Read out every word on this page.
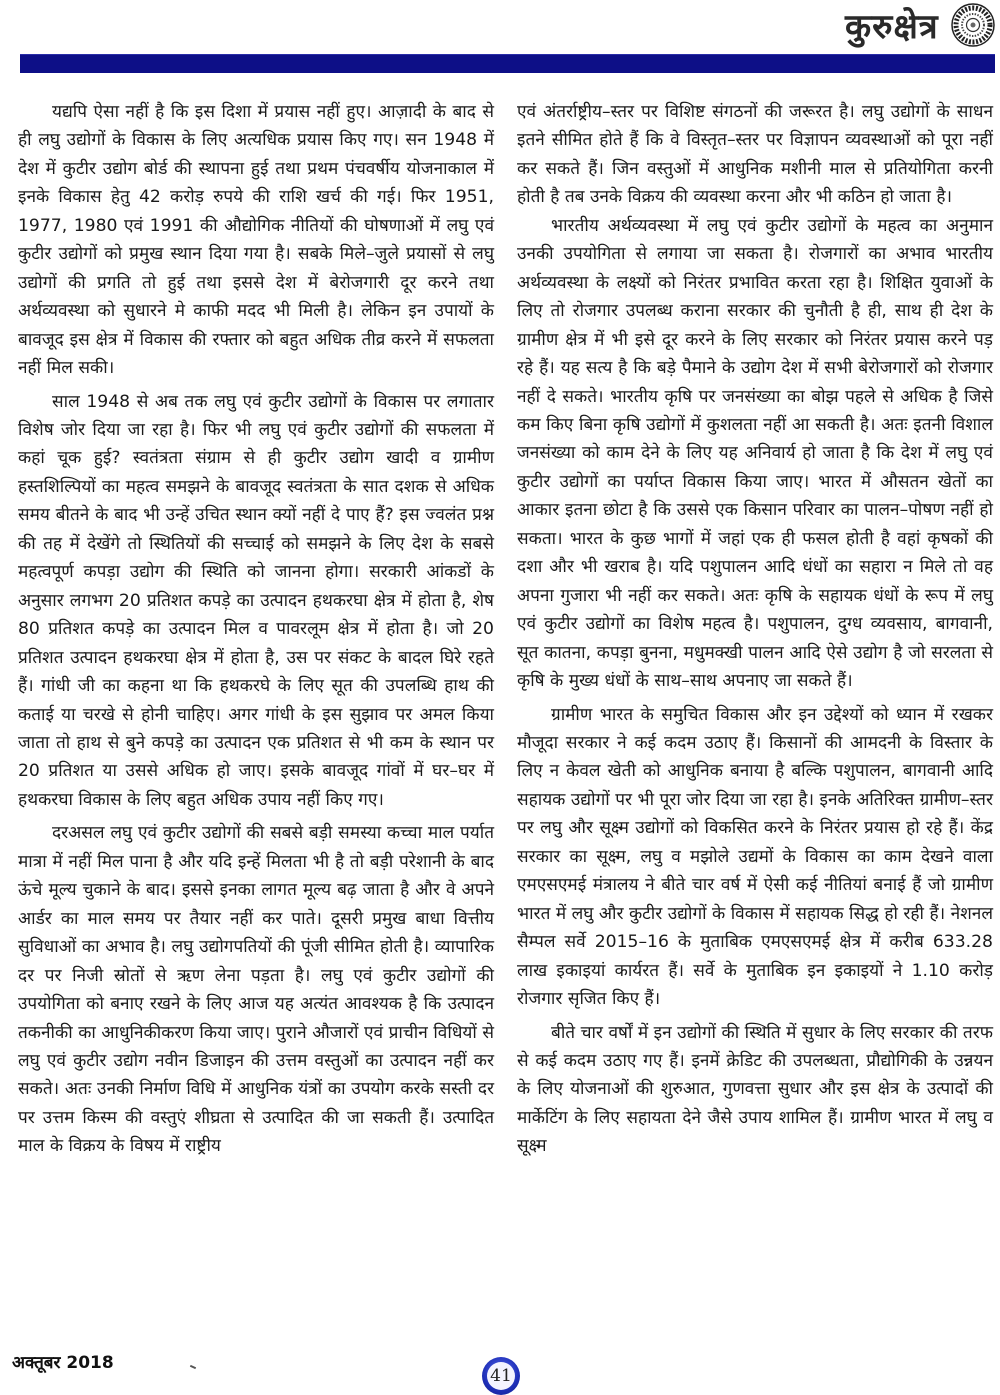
कुरुक्षेत्र

यद्यपि ऐसा नहीं है कि इस दिशा में प्रयास नहीं हुए। आज़ादी के बाद से ही लघु उद्योगों के विकास के लिए अत्यधिक प्रयास किए गए। सन 1948 में देश में कुटीर उद्योग बोर्ड की स्थापना हुई तथा प्रथम पंचवर्षीय योजनाकाल में इनके विकास हेतु 42 करोड़ रुपये की राशि खर्च की गई। फिर 1951, 1977, 1980 एवं 1991 की औद्योगिक नीतियों की घोषणाओं में लघु एवं कुटीर उद्योगों को प्रमुख स्थान दिया गया है। सबके मिले–जुले प्रयासों से लघु उद्योगों की प्रगति तो हुई तथा इससे देश में बेरोजगारी दूर करने तथा अर्थव्यवस्था को सुधारने मे काफी मदद भी मिली है। लेकिन इन उपायों के बावजूद इस क्षेत्र में विकास की रफ्तार को बहुत अधिक तीव्र करने में सफलता नहीं मिल सकी।

साल 1948 से अब तक लघु एवं कुटीर उद्योगों के विकास पर लगातार विशेष जोर दिया जा रहा है। फिर भी लघु एवं कुटीर उद्योगों की सफलता में कहां चूक हुई? स्वतंत्रता संग्राम से ही कुटीर उद्योग खादी व ग्रामीण हस्तशिल्पियों का महत्व समझने के बावजूद स्वतंत्रता के सात दशक से अधिक समय बीतने के बाद भी उन्हें उचित स्थान क्यों नहीं दे पाए हैं? इस ज्वलंत प्रश्न की तह में देखेंगे तो स्थितियों की सच्चाई को समझने के लिए देश के सबसे महत्वपूर्ण कपड़ा उद्योग की स्थिति को जानना होगा। सरकारी आंकडों के अनुसार लगभग 20 प्रतिशत कपड़े का उत्पादन हथकरघा क्षेत्र में होता है, शेष 80 प्रतिशत कपड़े का उत्पादन मिल व पावरलूम क्षेत्र में होता है। जो 20 प्रतिशत उत्पादन हथकरघा क्षेत्र में होता है, उस पर संकट के बादल घिरे रहते हैं। गांधी जी का कहना था कि हथकरघे के लिए सूत की उपलब्धि हाथ की कताई या चरखे से होनी चाहिए। अगर गांधी के इस सुझाव पर अमल किया जाता तो हाथ से बुने कपड़े का उत्पादन एक प्रतिशत से भी कम के स्थान पर 20 प्रतिशत या उससे अधिक हो जाए। इसके बावजूद गांवों में घर–घर में हथकरघा विकास के लिए बहुत अधिक उपाय नहीं किए गए।

दरअसल लघु एवं कुटीर उद्योगों की सबसे बड़ी समस्या कच्चा माल पर्यात मात्रा में नहीं मिल पाना है और यदि इन्हें मिलता भी है तो बड़ी परेशानी के बाद ऊंचे मूल्य चुकाने के बाद। इससे इनका लागत मूल्य बढ़ जाता है और वे अपने आर्डर का माल समय पर तैयार नहीं कर पाते। दूसरी प्रमुख बाधा वित्तीय सुविधाओं का अभाव है। लघु उद्योगपतियों की पूंजी सीमित होती है। व्यापारिक दर पर निजी स्रोतों से ऋण लेना पड़ता है। लघु एवं कुटीर उद्योगों की उपयोगिता को बनाए रखने के लिए आज यह अत्यंत आवश्यक है कि उत्पादन तकनीकी का आधुनिकीकरण किया जाए। पुराने औजारों एवं प्राचीन विधियों से लघु एवं कुटीर उद्योग नवीन डिजाइन की उत्तम वस्तुओं का उत्पादन नहीं कर सकते। अतः उनकी निर्माण विधि में आधुनिक यंत्रों का उपयोग करके सस्ती दर पर उत्तम किस्म की वस्तुएं शीघ्रता से उत्पादित की जा सकती हैं। उत्पादित माल के विक्रय के विषय में राष्ट्रीय

एवं अंतर्राष्ट्रीय–स्तर पर विशिष्ट संगठनों की जरूरत है। लघु उद्योगों के साधन इतने सीमित होते हैं कि वे विस्तृत–स्तर पर विज्ञापन व्यवस्थाओं को पूरा नहीं कर सकते हैं। जिन वस्तुओं में आधुनिक मशीनी माल से प्रतियोगिता करनी होती है तब उनके विक्रय की व्यवस्था करना और भी कठिन हो जाता है।

भारतीय अर्थव्यवस्था में लघु एवं कुटीर उद्योगों के महत्व का अनुमान उनकी उपयोगिता से लगाया जा सकता है। रोजगारों का अभाव भारतीय अर्थव्यवस्था के लक्ष्यों को निरंतर प्रभावित करता रहा है। शिक्षित युवाओं के लिए तो रोजगार उपलब्ध कराना सरकार की चुनौती है ही, साथ ही देश के ग्रामीण क्षेत्र में भी इसे दूर करने के लिए सरकार को निरंतर प्रयास करने पड़ रहे हैं। यह सत्य है कि बड़े पैमाने के उद्योग देश में सभी बेरोजगारों को रोजगार नहीं दे सकते। भारतीय कृषि पर जनसंख्या का बोझ पहले से अधिक है जिसे कम किए बिना कृषि उद्योगों में कुशलता नहीं आ सकती है। अतः इतनी विशाल जनसंख्या को काम देने के लिए यह अनिवार्य हो जाता है कि देश में लघु एवं कुटीर उद्योगों का पर्याप्त विकास किया जाए। भारत में औसतन खेतों का आकार इतना छोटा है कि उससे एक किसान परिवार का पालन–पोषण नहीं हो सकता। भारत के कुछ भागों में जहां एक ही फसल होती है वहां कृषकों की दशा और भी खराब है। यदि पशुपालन आदि धंधों का सहारा न मिले तो वह अपना गुजारा भी नहीं कर सकते। अतः कृषि के सहायक धंधों के रूप में लघु एवं कुटीर उद्योगों का विशेष महत्व है। पशुपालन, दुग्ध व्यवसाय, बागवानी, सूत कातना, कपड़ा बुनना, मधुमक्खी पालन आदि ऐसे उद्योग है जो सरलता से कृषि के मुख्य धंधों के साथ–साथ अपनाए जा सकते हैं।

ग्रामीण भारत के समुचित विकास और इन उद्देश्यों को ध्यान में रखकर मौजूदा सरकार ने कई कदम उठाए हैं। किसानों की आमदनी के विस्तार के लिए न केवल खेती को आधुनिक बनाया है बल्कि पशुपालन, बागवानी आदि सहायक उद्योगों पर भी पूरा जोर दिया जा रहा है। इनके अतिरिक्त ग्रामीण–स्तर पर लघु और सूक्ष्म उद्योगों को विकसित करने के निरंतर प्रयास हो रहे हैं। केंद्र सरकार का सूक्ष्म, लघु व मझोले उद्यमों के विकास का काम देखने वाला एमएसएमई मंत्रालय ने बीते चार वर्ष में ऐसी कई नीतियां बनाई हैं जो ग्रामीण भारत में लघु और कुटीर उद्योगों के विकास में सहायक सिद्ध हो रही हैं। नेशनल सैम्पल सर्वे 2015–16 के मुताबिक एमएसएमई क्षेत्र में करीब 633.28 लाख इकाइयां कार्यरत हैं। सर्वे के मुताबिक इन इकाइयों ने 1.10 करोड़ रोजगार सृजित किए हैं।

बीते चार वर्षों में इन उद्योगों की स्थिति में सुधार के लिए सरकार की तरफ से कई कदम उठाए गए हैं। इनमें क्रेडिट की उपलब्धता, प्रौद्योगिकी के उन्नयन के लिए योजनाओं की शुरुआत, गुणवत्ता सुधार और इस क्षेत्र के उत्पादों की मार्केटिंग के लिए सहायता देने जैसे उपाय शामिल हैं। ग्रामीण भारत में लघु व सूक्ष्म

अक्तूबर 2018
41
